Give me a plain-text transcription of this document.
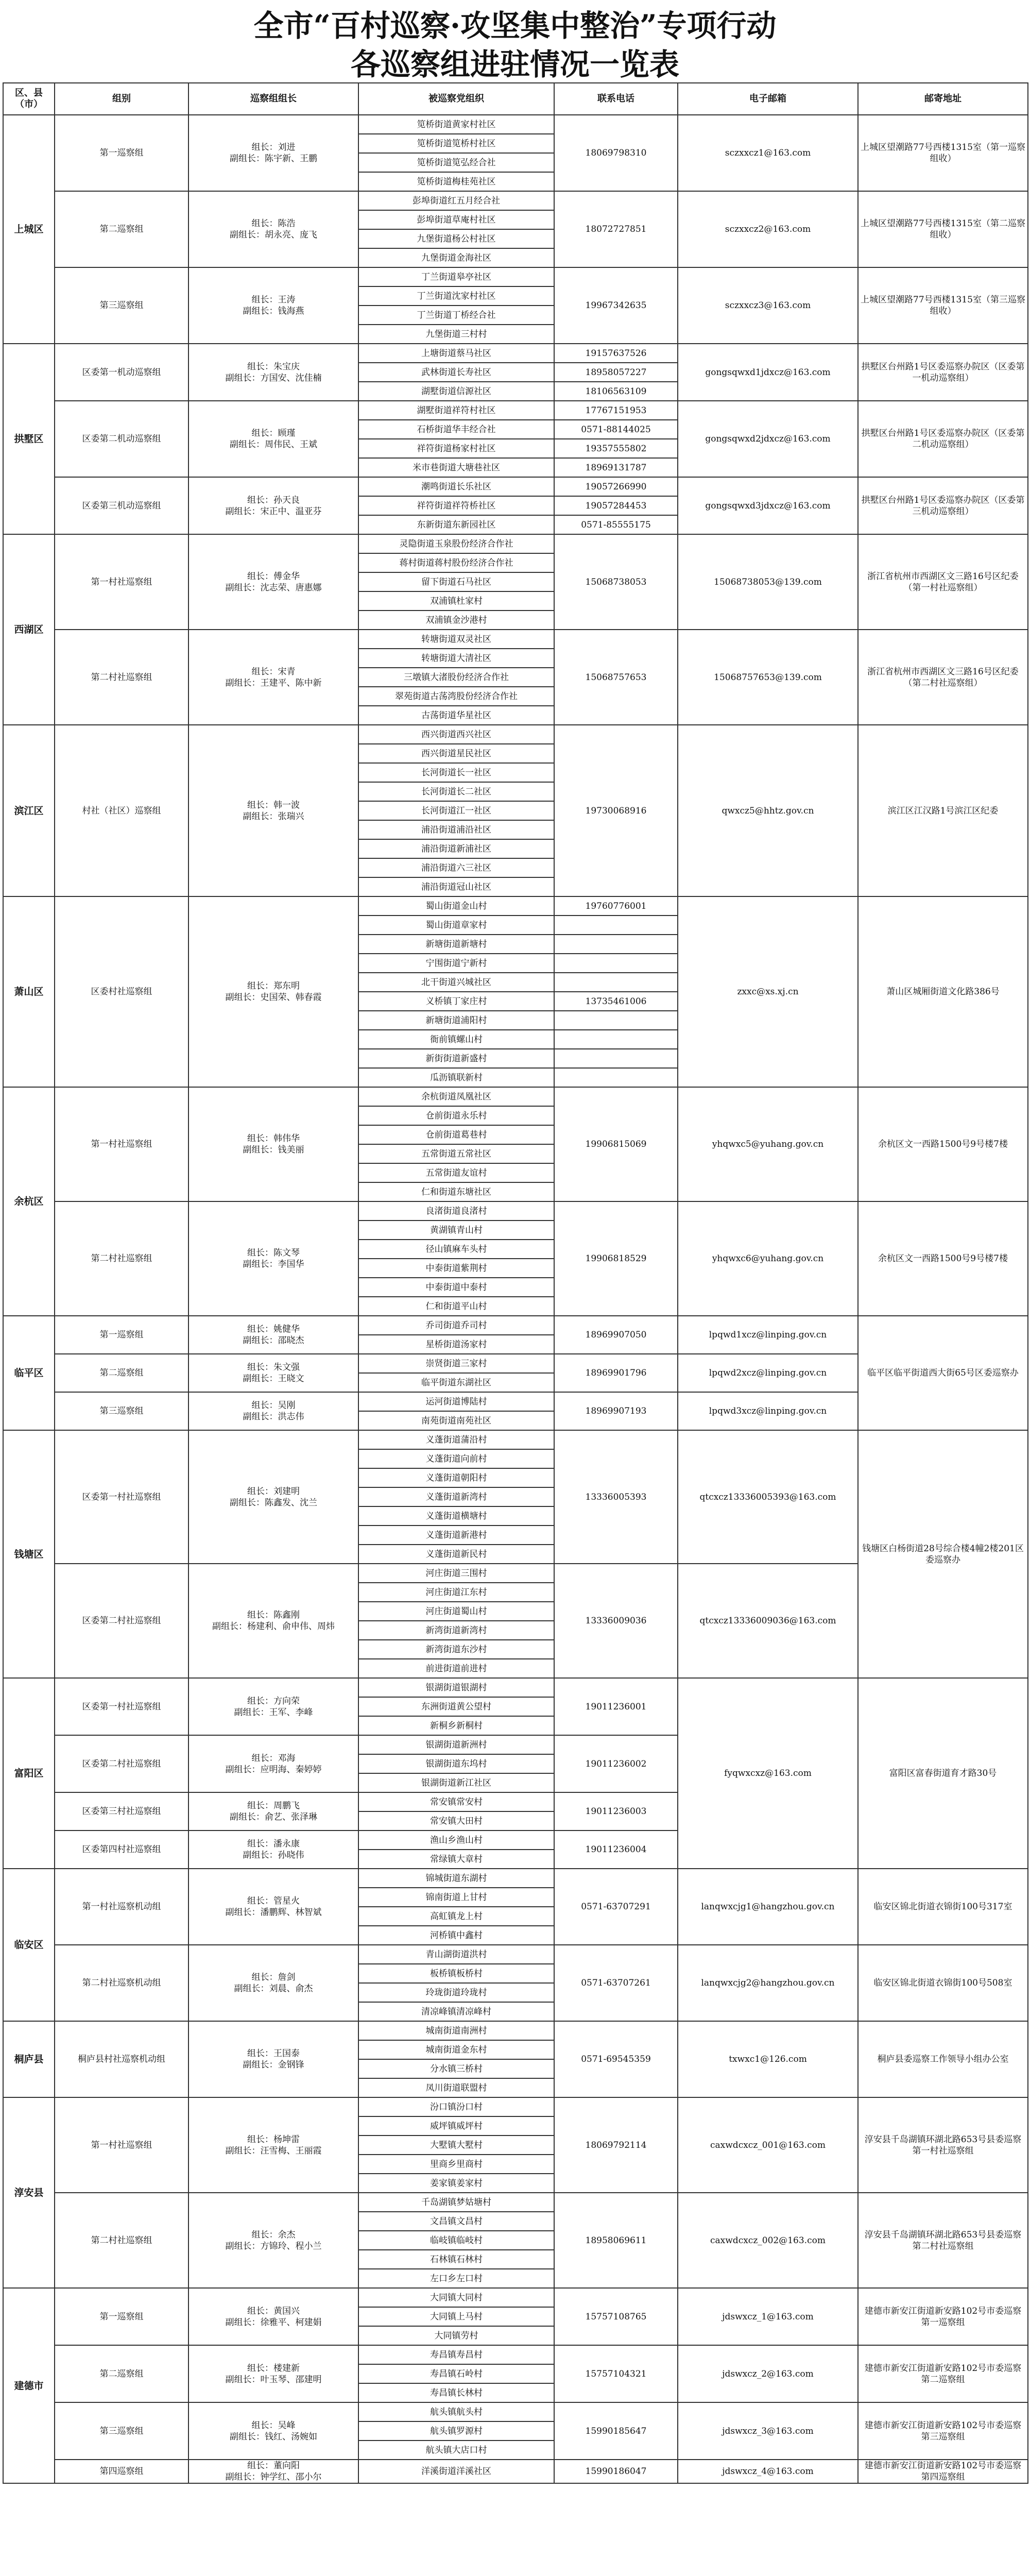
全市“百村巡察·攻坚集中整治”专项行动
各巡察组进驻情况一览表
区、县（市）	组别	巡察组组长	被巡察党组织	联系电话	电子邮箱	邮寄地址
上城区	第一巡察组	组长：刘进
副组长：陈宇新、王鹏	笕桥街道黄家村社区	18069798310	sczxxcz1@163.com	上城区望潮路77号西楼1315室（第一巡察组收）
			笕桥街道笕桥村社区			
			笕桥街道笕弘经合社			
			笕桥街道梅桂苑社区			
	第二巡察组	组长：陈浩
副组长：胡永亮、庞飞	彭埠街道红五月经合社	18072727851	sczxxcz2@163.com	上城区望潮路77号西楼1315室（第二巡察组收）
			彭埠街道草庵村社区			
			九堡街道杨公村社区			
			九堡街道金海社区			
	第三巡察组	组长：王涛
副组长：钱海燕	丁兰街道皋亭社区	19967342635	sczxxcz3@163.com	上城区望潮路77号西楼1315室（第三巡察组收）
			丁兰街道沈家村社区			
			丁兰街道丁桥经合社			
			九堡街道三村村			
拱墅区	区委第一机动巡察组	组长：朱宝庆
副组长：方国安、沈佳楠	上塘街道蔡马社区	19157637526	gongsqwxd1jdxcz@163.com	拱墅区台州路1号区委巡察办院区（区委第一机动巡察组）
			武林街道长寿社区	18958057227		
			湖墅街道信源社区	18106563109		
	区委第二机动巡察组	组长：顾瑾
副组长：周伟民、王斌	湖墅街道祥符村社区	17767151953	gongsqwxd2jdxcz@163.com	拱墅区台州路1号区委巡察办院区（区委第二机动巡察组）
			石桥街道华丰经合社	0571-88144025		
			祥符街道杨家村社区	19357555802		
			米市巷街道大塘巷社区	18969131787		
	区委第三机动巡察组	组长：孙天良
副组长：宋正中、温亚芬	潮鸣街道长乐社区	19057266990	gongsqwxd3jdxcz@163.com	拱墅区台州路1号区委巡察办院区（区委第三机动巡察组）
			祥符街道祥符桥社区	19057284453		
			东新街道东新园社区	0571-85555175		
西湖区	第一村社巡察组	组长：傅金华
副组长：沈志荣、唐惠娜	灵隐街道玉泉股份经济合作社	15068738053	15068738053@139.com	浙江省杭州市西湖区文三路16号区纪委（第一村社巡察组）
			蒋村街道蒋村股份经济合作社			
			留下街道石马社区			
			双浦镇杜家村			
			双浦镇金沙港村			
	第二村社巡察组	组长：宋青
副组长：王建平、陈中新	转塘街道双灵社区	15068757653	15068757653@139.com	浙江省杭州市西湖区文三路16号区纪委（第二村社巡察组）
			转塘街道大清社区			
			三墩镇大渚股份经济合作社			
			翠苑街道古荡湾股份经济合作社			
			古荡街道华星社区			
滨江区	村社（社区）巡察组	组长：韩一波
副组长：张瑞兴	西兴街道西兴社区	19730068916	qwxcz5@hhtz.gov.cn	滨江区江汉路1号滨江区纪委
			西兴街道星民社区			
			长河街道长一社区			
			长河街道长二社区			
			长河街道江一社区			
			浦沿街道浦沿社区			
			浦沿街道新浦社区			
			浦沿街道六三社区			
			浦沿街道冠山社区			
萧山区	区委村社巡察组	组长：郑东明
副组长：史国荣、韩春霞	蜀山街道金山村	19760776001	zxxc@xs.xj.cn	萧山区城厢街道文化路386号
			蜀山街道章家村			
			新塘街道新塘村			
			宁围街道宁新村			
			北干街道兴城社区			
			义桥镇丁家庄村	13735461006		
			新塘街道浦阳村			
			衙前镇螺山村			
			新街街道新盛村			
			瓜沥镇联新村			
余杭区	第一村社巡察组	组长：韩伟华
副组长：钱美丽	余杭街道凤凰社区	19906815069	yhqwxc5@yuhang.gov.cn	余杭区文一西路1500号9号楼7楼
			仓前街道永乐村			
			仓前街道葛巷村			
			五常街道五常社区			
			五常街道友谊村			
			仁和街道东塘社区			
	第二村社巡察组	组长：陈文琴
副组长：李国华	良渚街道良渚村	19906818529	yhqwxc6@yuhang.gov.cn	余杭区文一西路1500号9号楼7楼
			黄湖镇青山村			
			径山镇麻车头村			
			中泰街道紫荆村			
			中泰街道中泰村			
			仁和街道平山村			
临平区	第一巡察组	组长：姚健华
副组长：邵晓杰	乔司街道乔司村	18969907050	lpqwd1xcz@linping.gov.cn	临平区临平街道西大街65号区委巡察办
			星桥街道汤家村			
	第二巡察组	组长：朱文强
副组长：王晓文	崇贤街道三家村	18969901796	lpqwd2xcz@linping.gov.cn	
			临平街道东湖社区			
	第三巡察组	组长：吴刚
副组长：洪志伟	运河街道博陆村	18969907193	lpqwd3xcz@linping.gov.cn	
			南苑街道南苑社区			
钱塘区	区委第一村社巡察组	组长：刘建明
副组长：陈鑫发、沈兰	义蓬街道蒲沿村	13336005393	qtcxcz13336005393@163.com	钱塘区白杨街道28号综合楼4幢2楼201区委巡察办
			义蓬街道向前村			
			义蓬街道朝阳村			
			义蓬街道新湾村			
			义蓬街道横塘村			
			义蓬街道新港村			
			义蓬街道新民村			
	区委第二村社巡察组	组长：陈鑫刚
副组长：杨建利、俞申伟、周炜	河庄街道三围村	13336009036	qtcxcz13336009036@163.com	
			河庄街道江东村			
			河庄街道蜀山村			
			新湾街道新湾村			
			新湾街道东沙村			
			前进街道前进村			
富阳区	区委第一村社巡察组	组长：方向荣
副组长：王军、李峰	银湖街道银湖村	19011236001	fyqwxcxz@163.com	富阳区富春街道育才路30号
			东洲街道黄公望村			
			新桐乡新桐村			
	区委第二村社巡察组	组长：邓海
副组长：应明海、秦婷婷	银湖街道新洲村	19011236002		
			银湖街道东坞村			
			银湖街道新江社区			
	区委第三村社巡察组	组长：周鹏飞
副组长：俞艺、张泽琳	常安镇常安村	19011236003		
			常安镇大田村			
	区委第四村社巡察组	组长：潘永康
副组长：孙晓伟	渔山乡渔山村	19011236004		
			常绿镇大章村			
临安区	第一村社巡察机动组	组长：管星火
副组长：潘鹏辉、林智斌	锦城街道东湖村	0571-63707291	lanqwxcjg1@hangzhou.gov.cn	临安区锦北街道衣锦街100号317室
			锦南街道上甘村			
			高虹镇龙上村			
			河桥镇中鑫村			
	第二村社巡察机动组	组长：詹剑
副组长：刘晨、俞杰	青山湖街道洪村	0571-63707261	lanqwxcjg2@hangzhou.gov.cn	临安区锦北街道衣锦街100号508室
			板桥镇板桥村			
			玲珑街道玲珑村			
			清凉峰镇清凉峰村			
桐庐县	桐庐县村社巡察机动组	组长：王国泰
副组长：金钢锋	城南街道南洲村	0571-69545359	txwxc1@126.com	桐庐县委巡察工作领导小组办公室
			城南街道金东村			
			分水镇三桥村			
			凤川街道联盟村			
淳安县	第一村社巡察组	组长：杨坤雷
副组长：汪雪梅、王丽霞	汾口镇汾口村	18069792114	caxwdcxcz_001@163.com	淳安县千岛湖镇环湖北路653号县委巡察第一村社巡察组
			威坪镇威坪村			
			大墅镇大墅村			
			里商乡里商村			
			姜家镇姜家村			
	第二村社巡察组	组长：余杰
副组长：方锦玲、程小兰	千岛湖镇梦姑塘村	18958069611	caxwdcxcz_002@163.com	淳安县千岛湖镇环湖北路653号县委巡察第二村社巡察组
			文昌镇文昌村			
			临岐镇临岐村			
			石林镇石林村			
			左口乡左口村			
建德市	第一巡察组	组长：黄国兴
副组长：徐雅平、柯建娟	大同镇大同村	15757108765	jdswxcz_1@163.com	建德市新安江街道新安路102号市委巡察第一巡察组
			大同镇上马村			
			大同镇劳村			
	第二巡察组	组长：楼建新
副组长：叶玉琴、邵建明	寿昌镇寿昌村	15757104321	jdswxcz_2@163.com	建德市新安江街道新安路102号市委巡察第二巡察组
			寿昌镇石岭村			
			寿昌镇长林村			
	第三巡察组	组长：吴峰
副组长：钱红、汤婉如	航头镇航头村	15990185647	jdswxcz_3@163.com	建德市新安江街道新安路102号市委巡察第三巡察组
			航头镇罗源村			
			航头镇大店口村			
	第四巡察组	组长：董向阳
副组长：钟学红、邵小尔	洋溪街道洋溪社区	15990186047	jdswxcz_4@163.com	建德市新安江街道新安路102号市委巡察第四巡察组
